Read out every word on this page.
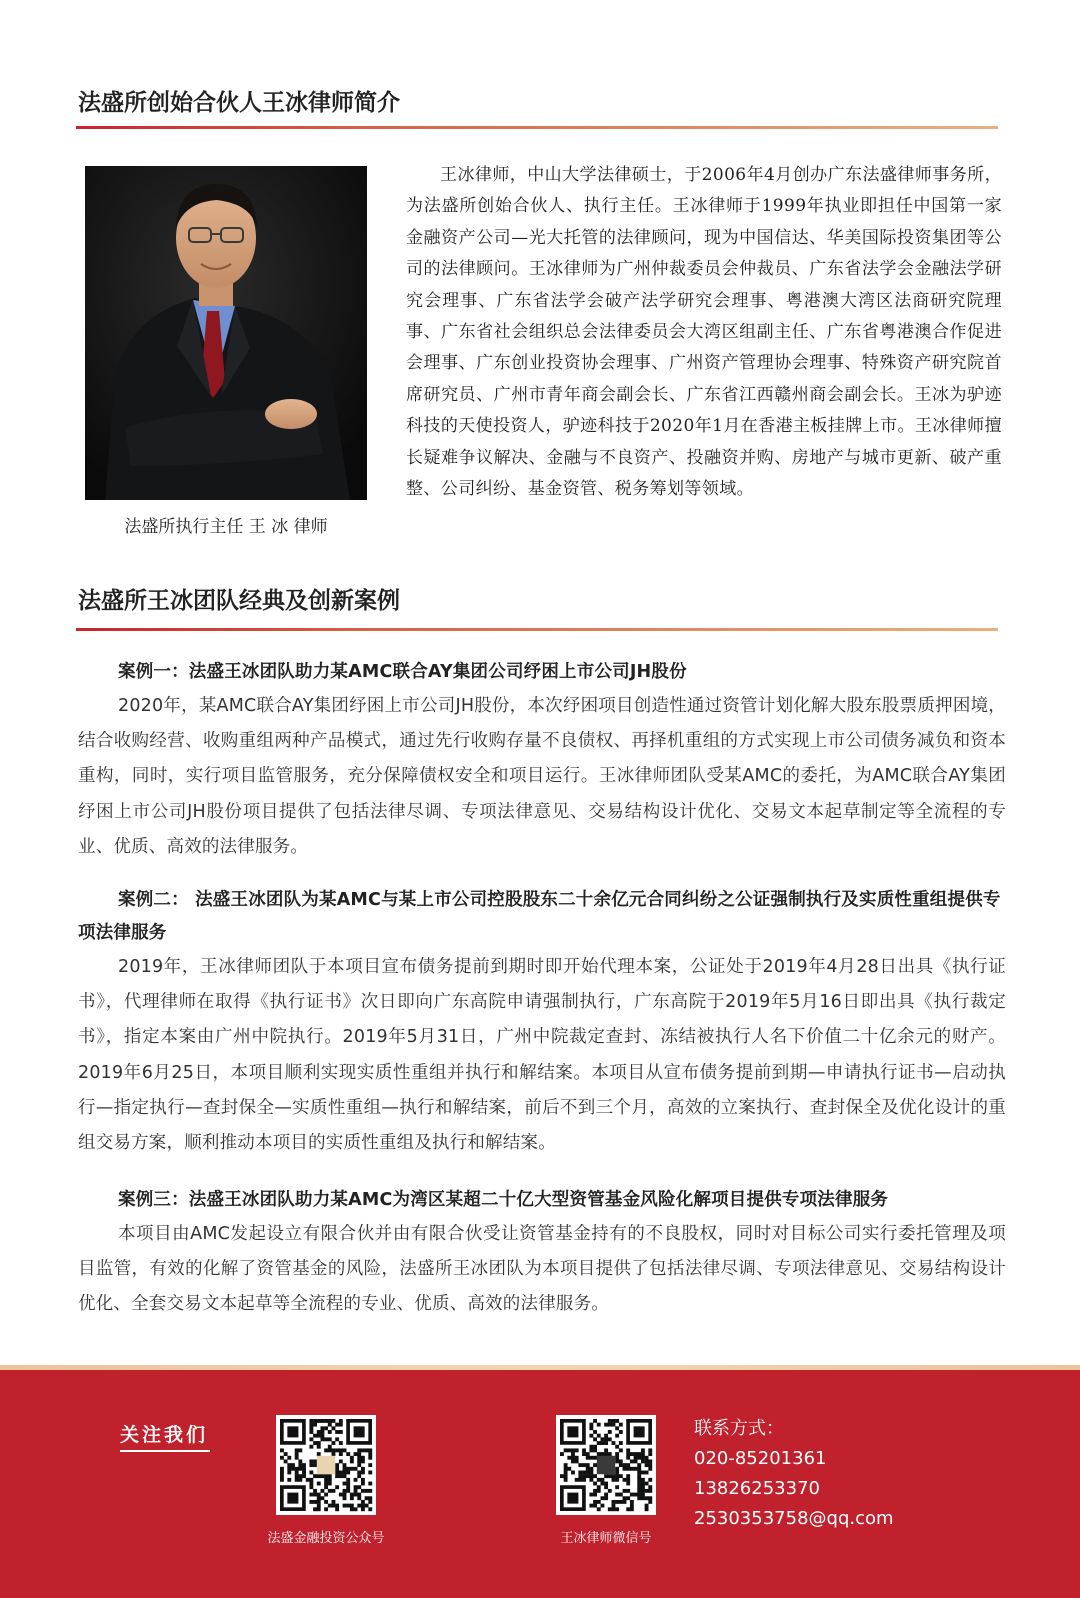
法盛所创始合伙人王冰律师简介
法盛所执行主任 王 冰 律师

王冰律师，中山大学法律硕士，于2006年4月创办广东法盛律师事务所，为法盛所创始合伙人、执行主任。王冰律师于1999年执业即担任中国第一家金融资产公司—光大托管的法律顾问，现为中国信达、华美国际投资集团等公司的法律顾问。王冰律师为广州仲裁委员会仲裁员、广东省法学会金融法学研究会理事、广东省法学会破产法学研究会理事、粤港澳大湾区法商研究院理事、广东省社会组织总会法律委员会大湾区组副主任、广东省粤港澳合作促进会理事、广东创业投资协会理事、广州资产管理协会理事、特殊资产研究院首席研究员、广州市青年商会副会长、广东省江西赣州商会副会长。王冰为驴迹科技的天使投资人，驴迹科技于2020年1月在香港主板挂牌上市。王冰律师擅长疑难争议解决、金融与不良资产、投融资并购、房地产与城市更新、破产重整、公司纠纷、基金资管、税务筹划等领域。

法盛所王冰团队经典及创新案例

案例一：法盛王冰团队助力某AMC联合AY集团公司纾困上市公司JH股份

2020年，某AMC联合AY集团纾困上市公司JH股份，本次纾困项目创造性通过资管计划化解大股东股票质押困境，结合收购经营、收购重组两种产品模式，通过先行收购存量不良债权、再择机重组的方式实现上市公司债务减负和资本重构，同时，实行项目监管服务，充分保障债权安全和项目运行。王冰律师团队受某AMC的委托，为AMC联合AY集团纾困上市公司JH股份项目提供了包括法律尽调、专项法律意见、交易结构设计优化、交易文本起草制定等全流程的专业、优质、高效的法律服务。

案例二： 法盛王冰团队为某AMC与某上市公司控股股东二十余亿元合同纠纷之公证强制执行及实质性重组提供专项法律服务

2019年，王冰律师团队于本项目宣布债务提前到期时即开始代理本案，公证处于2019年4月28日出具《执行证书》，代理律师在取得《执行证书》次日即向广东高院申请强制执行，广东高院于2019年5月16日即出具《执行裁定书》，指定本案由广州中院执行。2019年5月31日，广州中院裁定查封、冻结被执行人名下价值二十亿余元的财产。2019年6月25日，本项目顺利实现实质性重组并执行和解结案。本项目从宣布债务提前到期—申请执行证书—启动执行—指定执行—查封保全—实质性重组—执行和解结案，前后不到三个月，高效的立案执行、查封保全及优化设计的重组交易方案，顺利推动本项目的实质性重组及执行和解结案。

案例三：法盛王冰团队助力某AMC为湾区某超二十亿大型资管基金风险化解项目提供专项法律服务

本项目由AMC发起设立有限合伙并由有限合伙受让资管基金持有的不良股权，同时对目标公司实行委托管理及项目监管，有效的化解了资管基金的风险，法盛所王冰团队为本项目提供了包括法律尽调、专项法律意见、交易结构设计优化、全套交易文本起草等全流程的专业、优质、高效的法律服务。

关注我们
法盛金融投资公众号	王冰律师微信号
联系方式：
020-85201361
13826253370
2530353758@qq.com
